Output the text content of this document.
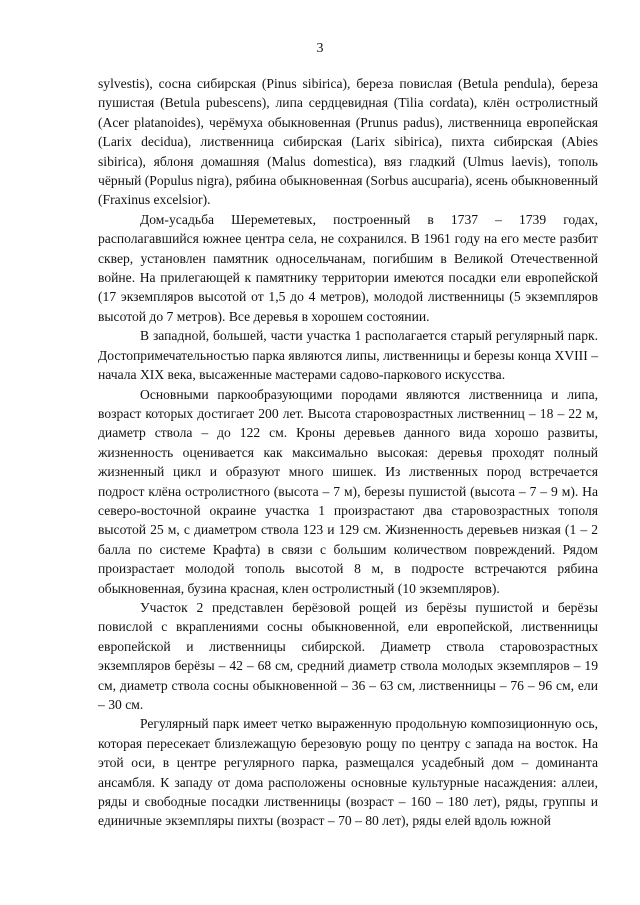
3

sylvestis), сосна сибирская (Pinus sibirica), береза повислая (Betula pendula), береза пушистая (Betula pubescens), липа сердцевидная (Tilia cordata), клён остролистный (Acer platanoides), черёмуха обыкновенная (Prunus padus), лиственница европейская (Larix decidua), лиственница сибирская (Larix sibirica), пихта сибирская (Abies sibirica), яблоня домашняя (Malus domestica), вяз гладкий (Ulmus laevis), тополь чёрный (Populus nigra), рябина обыкновенная (Sorbus aucuparia), ясень обыкновенный (Fraxinus excelsior).

Дом-усадьба Шереметевых, построенный в 1737 – 1739 годах, располагавшийся южнее центра села, не сохранился. В 1961 году на его месте разбит сквер, установлен памятник односельчанам, погибшим в Великой Отечественной войне. На прилегающей к памятнику территории имеются посадки ели европейской (17 экземпляров высотой от 1,5 до 4 метров), молодой лиственницы (5 экземпляров высотой до 7 метров). Все деревья в хорошем состоянии.

В западной, большей, части участка 1 располагается старый регулярный парк. Достопримечательностью парка являются липы, лиственницы и березы конца XVIII – начала XIX века, высаженные мастерами садово-паркового искусства.

Основными паркообразующими породами являются лиственница и липа, возраст которых достигает 200 лет. Высота старовозрастных лиственниц – 18 – 22 м, диаметр ствола – до 122 см. Кроны деревьев данного вида хорошо развиты, жизненность оценивается как максимально высокая: деревья проходят полный жизненный цикл и образуют много шишек. Из лиственных пород встречается подрост клёна остролистного (высота – 7 м), березы пушистой (высота – 7 – 9 м). На северо-восточной окраине участка 1 произрастают два старовозрастных тополя высотой 25 м, с диаметром ствола 123 и 129 см. Жизненность деревьев низкая (1 – 2 балла по системе Крафта) в связи с большим количеством повреждений. Рядом произрастает молодой тополь высотой 8 м, в подросте встречаются рябина обыкновенная, бузина красная, клен остролистный (10 экземпляров).

Участок 2 представлен берёзовой рощей из берёзы пушистой и берёзы повислой с вкраплениями сосны обыкновенной, ели европейской, лиственницы европейской и лиственницы сибирской. Диаметр ствола старовозрастных экземпляров берёзы – 42 – 68 см, средний диаметр ствола молодых экземпляров – 19 см, диаметр ствола сосны обыкновенной – 36 – 63 см, лиственницы – 76 – 96 см, ели – 30 см.

Регулярный парк имеет четко выраженную продольную композиционную ось, которая пересекает близлежащую березовую рощу по центру с запада на восток. На этой оси, в центре регулярного парка, размещался усадебный дом – доминанта ансамбля. К западу от дома расположены основные культурные насаждения: аллеи, ряды и свободные посадки лиственницы (возраст – 160 – 180 лет), ряды, группы и единичные экземпляры пихты (возраст – 70 – 80 лет), ряды елей вдоль южной
